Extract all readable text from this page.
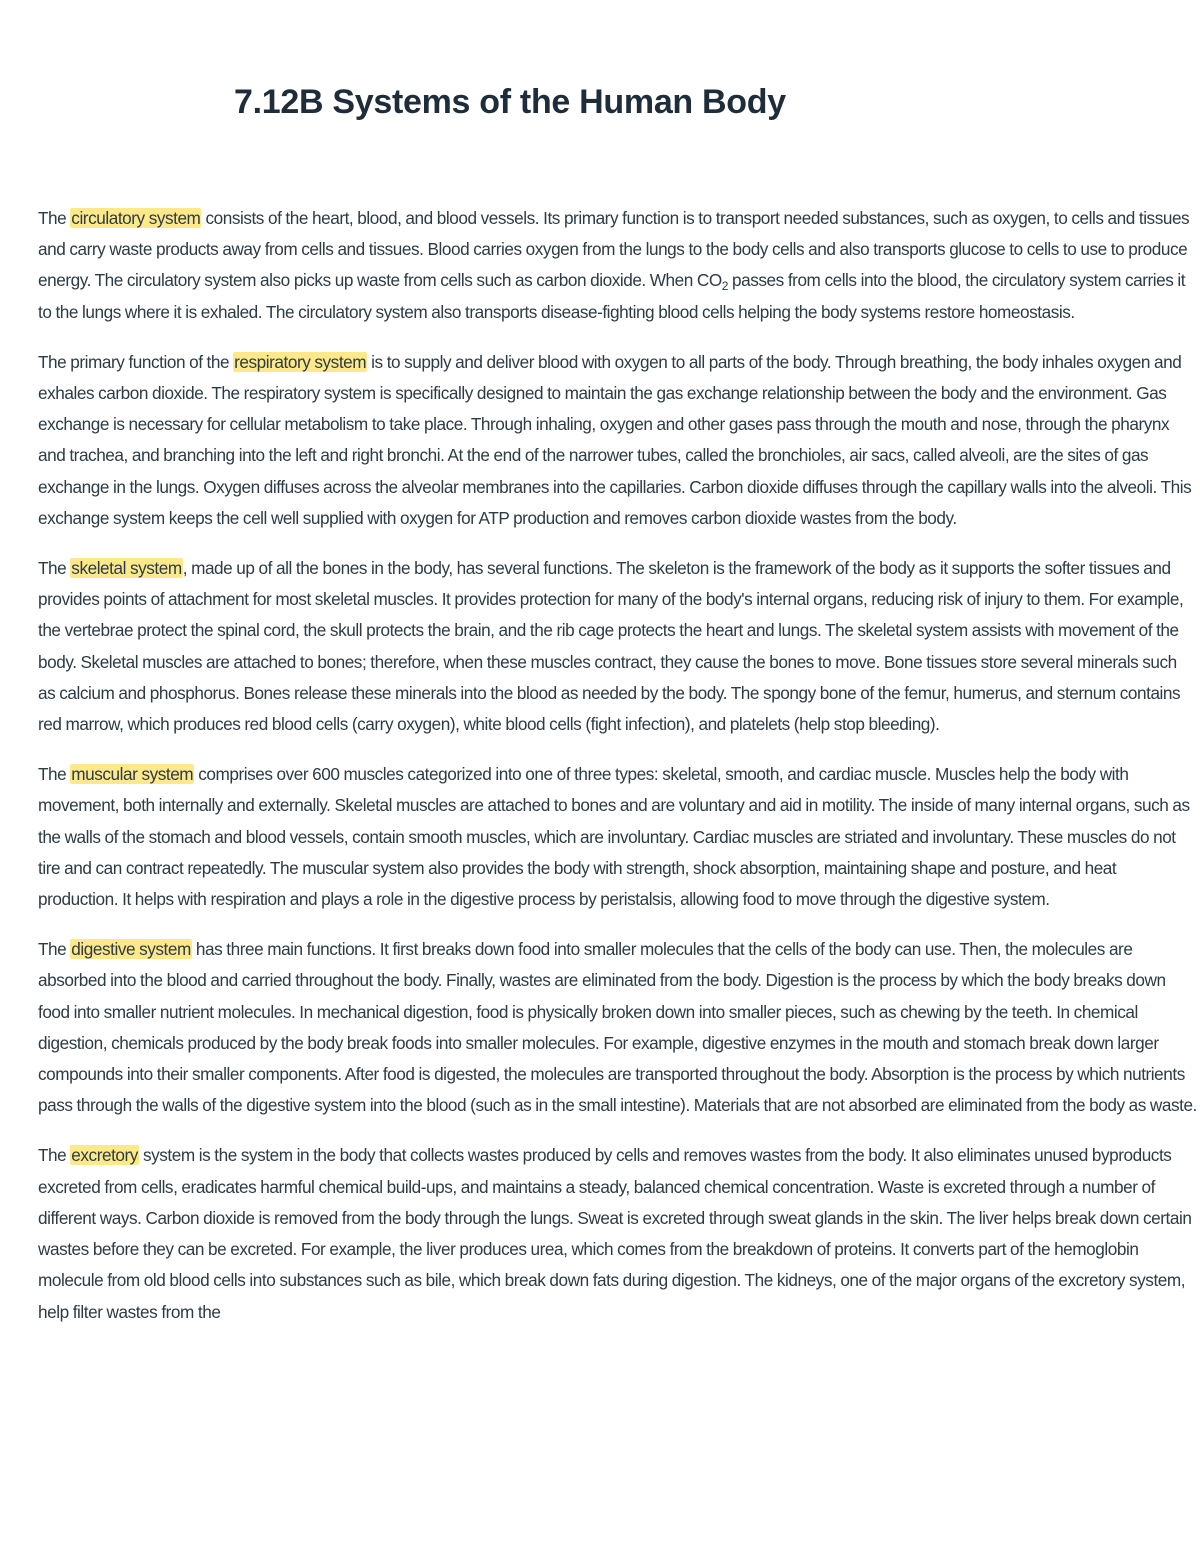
7.12B Systems of the Human Body

The circulatory system consists of the heart, blood, and blood vessels. Its primary function is to transport needed substances, such as oxygen, to cells and tissues and carry waste products away from cells and tissues. Blood carries oxygen from the lungs to the body cells and also transports glucose to cells to use to produce energy. The circulatory system also picks up waste from cells such as carbon dioxide. When $CO_2$ passes from cells into the blood, the circulatory system carries it to the lungs where it is exhaled. The circulatory system also transports disease-fighting blood cells helping the body systems restore homeostasis.

The primary function of the respiratory system is to supply and deliver blood with oxygen to all parts of the body. Through breathing, the body inhales oxygen and exhales carbon dioxide. The respiratory system is specifically designed to maintain the gas exchange relationship between the body and the environment. Gas exchange is necessary for cellular metabolism to take place. Through inhaling, oxygen and other gases pass through the mouth and nose, through the pharynx and trachea, and branching into the left and right bronchi. At the end of the narrower tubes, called the bronchioles, air sacs, called alveoli, are the sites of gas exchange in the lungs. Oxygen diffuses across the alveolar membranes into the capillaries. Carbon dioxide diffuses through the capillary walls into the alveoli. This exchange system keeps the cell well supplied with oxygen for ATP production and removes carbon dioxide wastes from the body.

The skeletal system, made up of all the bones in the body, has several functions. The skeleton is the framework of the body as it supports the softer tissues and provides points of attachment for most skeletal muscles. It provides protection for many of the body's internal organs, reducing risk of injury to them. For example, the vertebrae protect the spinal cord, the skull protects the brain, and the rib cage protects the heart and lungs. The skeletal system assists with movement of the body. Skeletal muscles are attached to bones; therefore, when these muscles contract, they cause the bones to move. Bone tissues store several minerals such as calcium and phosphorus. Bones release these minerals into the blood as needed by the body. The spongy bone of the femur, humerus, and sternum contains red marrow, which produces red blood cells (carry oxygen), white blood cells (fight infection), and platelets (help stop bleeding).

The muscular system comprises over 600 muscles categorized into one of three types: skeletal, smooth, and cardiac muscle. Muscles help the body with movement, both internally and externally. Skeletal muscles are attached to bones and are voluntary and aid in motility. The inside of many internal organs, such as the walls of the stomach and blood vessels, contain smooth muscles, which are involuntary. Cardiac muscles are striated and involuntary. These muscles do not tire and can contract repeatedly. The muscular system also provides the body with strength, shock absorption, maintaining shape and posture, and heat production. It helps with respiration and plays a role in the digestive process by peristalsis, allowing food to move through the digestive system.

The digestive system has three main functions. It first breaks down food into smaller molecules that the cells of the body can use. Then, the molecules are absorbed into the blood and carried throughout the body. Finally, wastes are eliminated from the body. Digestion is the process by which the body breaks down food into smaller nutrient molecules. In mechanical digestion, food is physically broken down into smaller pieces, such as chewing by the teeth. In chemical digestion, chemicals produced by the body break foods into smaller molecules. For example, digestive enzymes in the mouth and stomach break down larger compounds into their smaller components. After food is digested, the molecules are transported throughout the body. Absorption is the process by which nutrients pass through the walls of the digestive system into the blood (such as in the small intestine). Materials that are not absorbed are eliminated from the body as waste.

The excretory system is the system in the body that collects wastes produced by cells and removes wastes from the body. It also eliminates unused byproducts excreted from cells, eradicates harmful chemical build-ups, and maintains a steady, balanced chemical concentration. Waste is excreted through a number of different ways. Carbon dioxide is removed from the body through the lungs. Sweat is excreted through sweat glands in the skin. The liver helps break down certain wastes before they can be excreted. For example, the liver produces urea, which comes from the breakdown of proteins. It converts part of the hemoglobin molecule from old blood cells into substances such as bile, which break down fats during digestion. The kidneys, one of the major organs of the excretory system, help filter wastes from the
